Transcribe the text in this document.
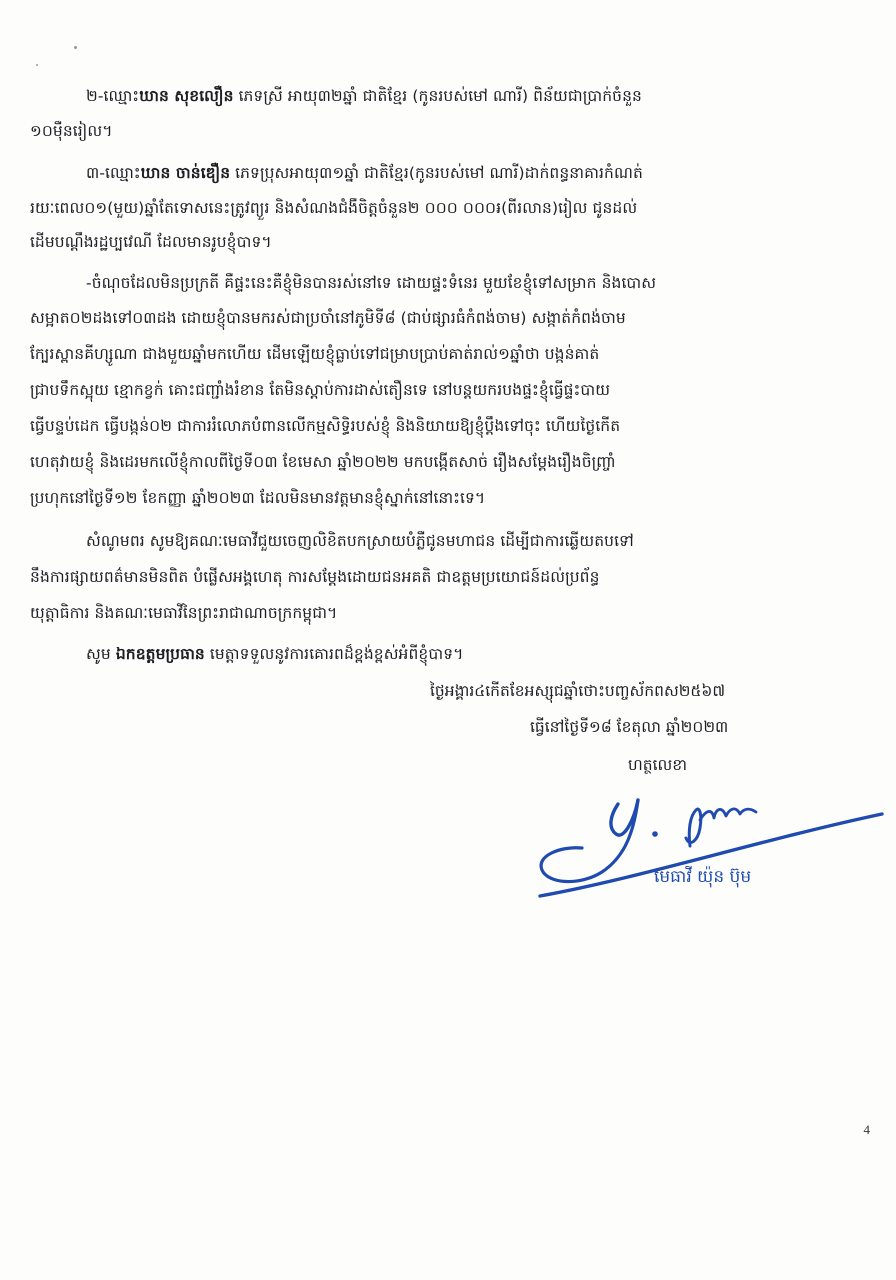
២-ឈ្មោះឃាន សុខលឿន ភេទស្រី អាយុ៣២ឆ្នាំ ជាតិខ្មែរ (កូនរបស់មៅ ណារី) ពិន័យជាប្រាក់ចំនួន
១០ម៉ឺនរៀល។
៣-ឈ្មោះឃាន ចាន់ឌឿន ភេទប្រុសអាយុ៣១ឆ្នាំ ជាតិខ្មែរ(កូនរបស់មៅ ណារី)ដាក់ពន្ធនាគារកំណត់
រយៈពេល០១(មួយ)ឆ្នាំតែទោសនេះត្រូវព្យួរ និងសំណងជំងឺចិត្តចំនួន២ ០០០ ០០០៛(ពីរលាន)រៀល ជូនដល់
ដើមបណ្ដឹងរដ្ឋប្បវេណី ដែលមានរូបខ្ញុំបាទ។
-ចំណុចដែលមិនប្រក្រតី គឺផ្ទះនេះគឺខ្ញុំមិនបានរស់នៅទេ ដោយផ្ទះទំនេរ មួយខែខ្ញុំទៅសម្រាក និងបោស
សម្អាត០២ដងទៅ០៣ដង ដោយខ្ញុំបានមករស់ជាប្រចាំនៅភូមិទី៨ (ជាប់ផ្សារធំកំពង់ចាម) សង្កាត់កំពង់ចាម
ក្បែរស្ពានគីហ្សូណា ជាងមួយឆ្នាំមកហើយ ដើមឡើយខ្ញុំធ្លាប់ទៅជម្រាបប្រាប់គាត់រាល់១ឆ្នាំថា បង្កន់គាត់
ជ្រាបទឹកស្អុយ ខ្មោកខ្វក់ គោះជញ្ជាំងរំខាន តែមិនស្ដាប់ការដាស់តឿនទេ នៅបន្តយករបងផ្ទះខ្ញុំធ្វើផ្ទះបាយ
ធ្វើបន្ទប់ដេក ធ្វើបង្កន់០២ ជាការរំលោភបំពានលើកម្មសិទ្ធិរបស់ខ្ញុំ និងនិយាយឱ្យខ្ញុំប្ដឹងទៅចុះ ហើយថ្ងៃកើត
ហេតុវាយខ្ញុំ និងដេរមកលើខ្ញុំកាលពីថ្ងៃទី០៣ ខែមេសា ឆ្នាំ២០២២ មកបង្កើតសាច់ រឿងសម្ដែងរឿងចិញ្ច្រាំ
ប្រហុកនៅថ្ងៃទី១២ ខែកញ្ញា ឆ្នាំ២០២៣ ដែលមិនមានវត្តមានខ្ញុំស្នាក់នៅនោះទេ។
សំណូមពរ សូមឱ្យគណៈមេធាវីជួយចេញលិខិតបកស្រាយបំភ្លឺជូនមហាជន ដើម្បីជាការឆ្លើយតបទៅ
នឹងការផ្សាយពត៌មានមិនពិត បំផ្លើសអង្គហេតុ ការសម្ដែងដោយជនអគតិ ជាឧត្តមប្រយោជន៍ដល់ប្រព័ន្ធ
យុត្តាធិការ និងគណៈមេធាវីនៃព្រះរាជាណាចក្រកម្ពុជា។
សូម ឯកឧត្តមប្រធាន មេត្តាទទួលនូវការគោរពដ៏ខ្ពង់ខ្ពស់អំពីខ្ញុំបាទ។
ថ្ងៃអង្គារ៤កើតខែអស្សុជឆ្នាំថោះបញ្ចស័កពស២៥៦៧
ធ្វើនៅថ្ងៃទី១៨ ខែតុលា ឆ្នាំ២០២៣
ហត្ថលេខា
មេធាវី យ៉ុន ប៊ុម
4
